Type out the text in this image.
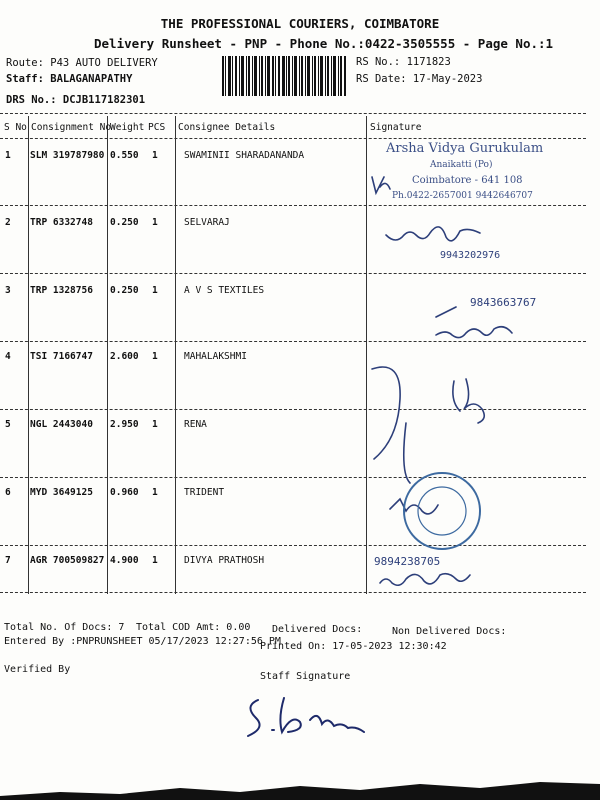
THE PROFESSIONAL COURIERS, COIMBATORE
Delivery Runsheet - PNP - Phone No.:0422-3505555 - Page No.:1
Route: P43 AUTO DELIVERY
Staff: BALAGANAPATHY
DRS No.: DCJB117182301
RS No.: 1171823
RS Date: 17-May-2023
S No Consignment No
Weight PCS Consignee Details	Signature
1 SLM 319787980 0.550 1	SWAMINII SHARADANANDA
2 TRP 6332748 0.250 1	SELVARAJ
3 TRP 1328756 0.250 1	A V S TEXTILES
4 TSI 7166747 2.600 1	MAHALAKSHMI
5 NGL 2443040 2.950 1	RENA
6 MYD 3649125 0.960 1	TRIDENT
7 AGR 700509827 4.900 1	DIVYA PRATHOSH
Arsha Vidya Gurukulam
Anaikatti (Po)
Coimbatore - 641 108
Ph.0422-2657001 9442646707
9943202976
9843663767
9894238705
Total No. Of Docs: 7 Total COD Amt: 0.00 Delivered Docs:	Non Delivered Docs:
Entered By :PNPRUNSHEET 05/17/2023 12:27:56 PM
Printed On: 17-05-2023 12:30:42
Verified By
Staff Signature
